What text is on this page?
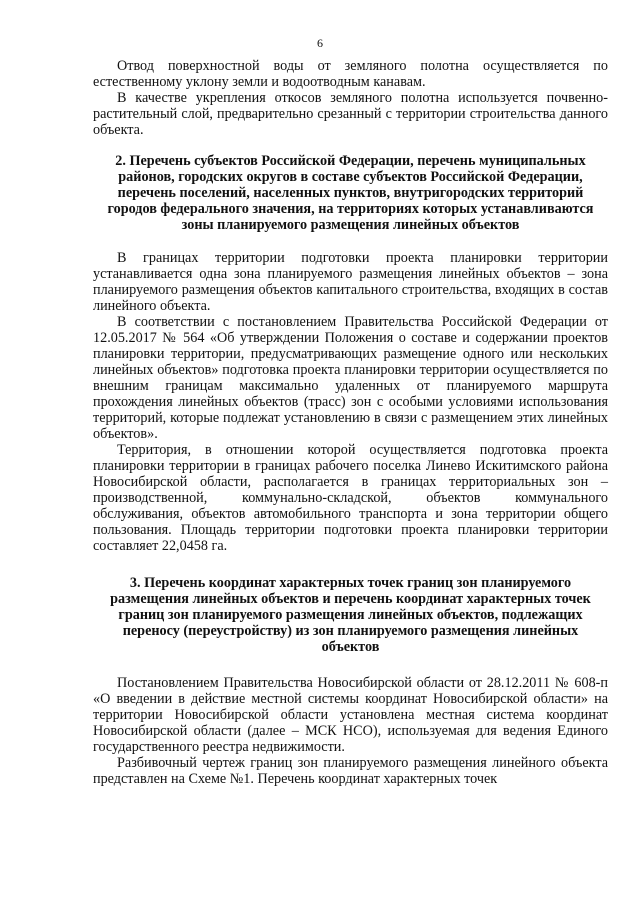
6

Отвод поверхностной воды от земляного полотна осуществляется по естественному уклону земли и водоотводным канавам.

В качестве укрепления откосов земляного полотна используется почвенно-растительный слой, предварительно срезанный с территории строительства данного объекта.

2. Перечень субъектов Российской Федерации, перечень муниципальных районов, городских округов в составе субъектов Российской Федерации, перечень поселений, населенных пунктов, внутригородских территорий городов федерального значения, на территориях которых устанавливаются зоны планируемого размещения линейных объектов

В границах территории подготовки проекта планировки территории устанавливается одна зона планируемого размещения линейных объектов – зона планируемого размещения объектов капитального строительства, входящих в состав линейного объекта.

В соответствии с постановлением Правительства Российской Федерации от 12.05.2017 № 564 «Об утверждении Положения о составе и содержании проектов планировки территории, предусматривающих размещение одного или нескольких линейных объектов» подготовка проекта планировки территории осуществляется по внешним границам максимально удаленных от планируемого маршрута прохождения линейных объектов (трасс) зон с особыми условиями использования территорий, которые подлежат установлению в связи с размещением этих линейных объектов».

Территория, в отношении которой осуществляется подготовка проекта планировки территории в границах рабочего поселка Линево Искитимского района Новосибирской области, располагается в границах территориальных зон – производственной, коммунально-складской, объектов коммунального обслуживания, объектов автомобильного транспорта и зона территории общего пользования. Площадь территории подготовки проекта планировки территории составляет 22,0458 га.

3. Перечень координат характерных точек границ зон планируемого размещения линейных объектов и перечень координат характерных точек границ зон планируемого размещения линейных объектов, подлежащих переносу (переустройству) из зон планируемого размещения линейных объектов

Постановлением Правительства Новосибирской области от 28.12.2011 № 608-п «О введении в действие местной системы координат Новосибирской области» на территории Новосибирской области установлена местная система координат Новосибирской области (далее – МСК НСО), используемая для ведения Единого государственного реестра недвижимости.

Разбивочный чертеж границ зон планируемого размещения линейного объекта представлен на Схеме №1. Перечень координат характерных точек
